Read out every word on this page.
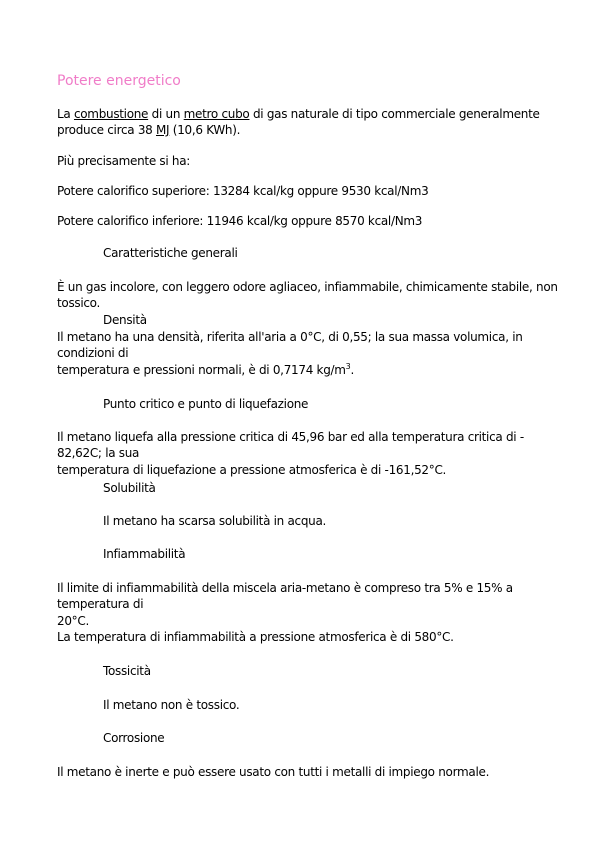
Potere energetico
La combustione di un metro cubo di gas naturale di tipo commerciale generalmente
produce circa 38 MJ (10,6 KWh).
Più precisamente si ha:
Potere calorifico superiore: 13284 kcal/kg oppure 9530 kcal/Nm3
Potere calorifico inferiore: 11946 kcal/kg oppure 8570 kcal/Nm3
Caratteristiche generali
È un gas incolore, con leggero odore agliaceo, infiammabile, chimicamente stabile, non
tossico.
Densità
Il metano ha una densità, riferita all'aria a 0°C, di 0,55; la sua massa volumica, in
condizioni di
temperatura e pressioni normali, è di 0,7174 $kg/m^3$.
Punto critico e punto di liquefazione
Il metano liquefa alla pressione critica di 45,96 bar ed alla temperatura critica di -
82,62C; la sua
temperatura di liquefazione a pressione atmosferica è di -161,52°C.
Solubilità
Il metano ha scarsa solubilità in acqua.
Infiammabilità
Il limite di infiammabilità della miscela aria-metano è compreso tra 5% e 15% a
temperatura di
20°C.
La temperatura di infiammabilità a pressione atmosferica è di 580°C.
Tossicità
Il metano non è tossico.
Corrosione
Il metano è inerte e può essere usato con tutti i metalli di impiego normale.
